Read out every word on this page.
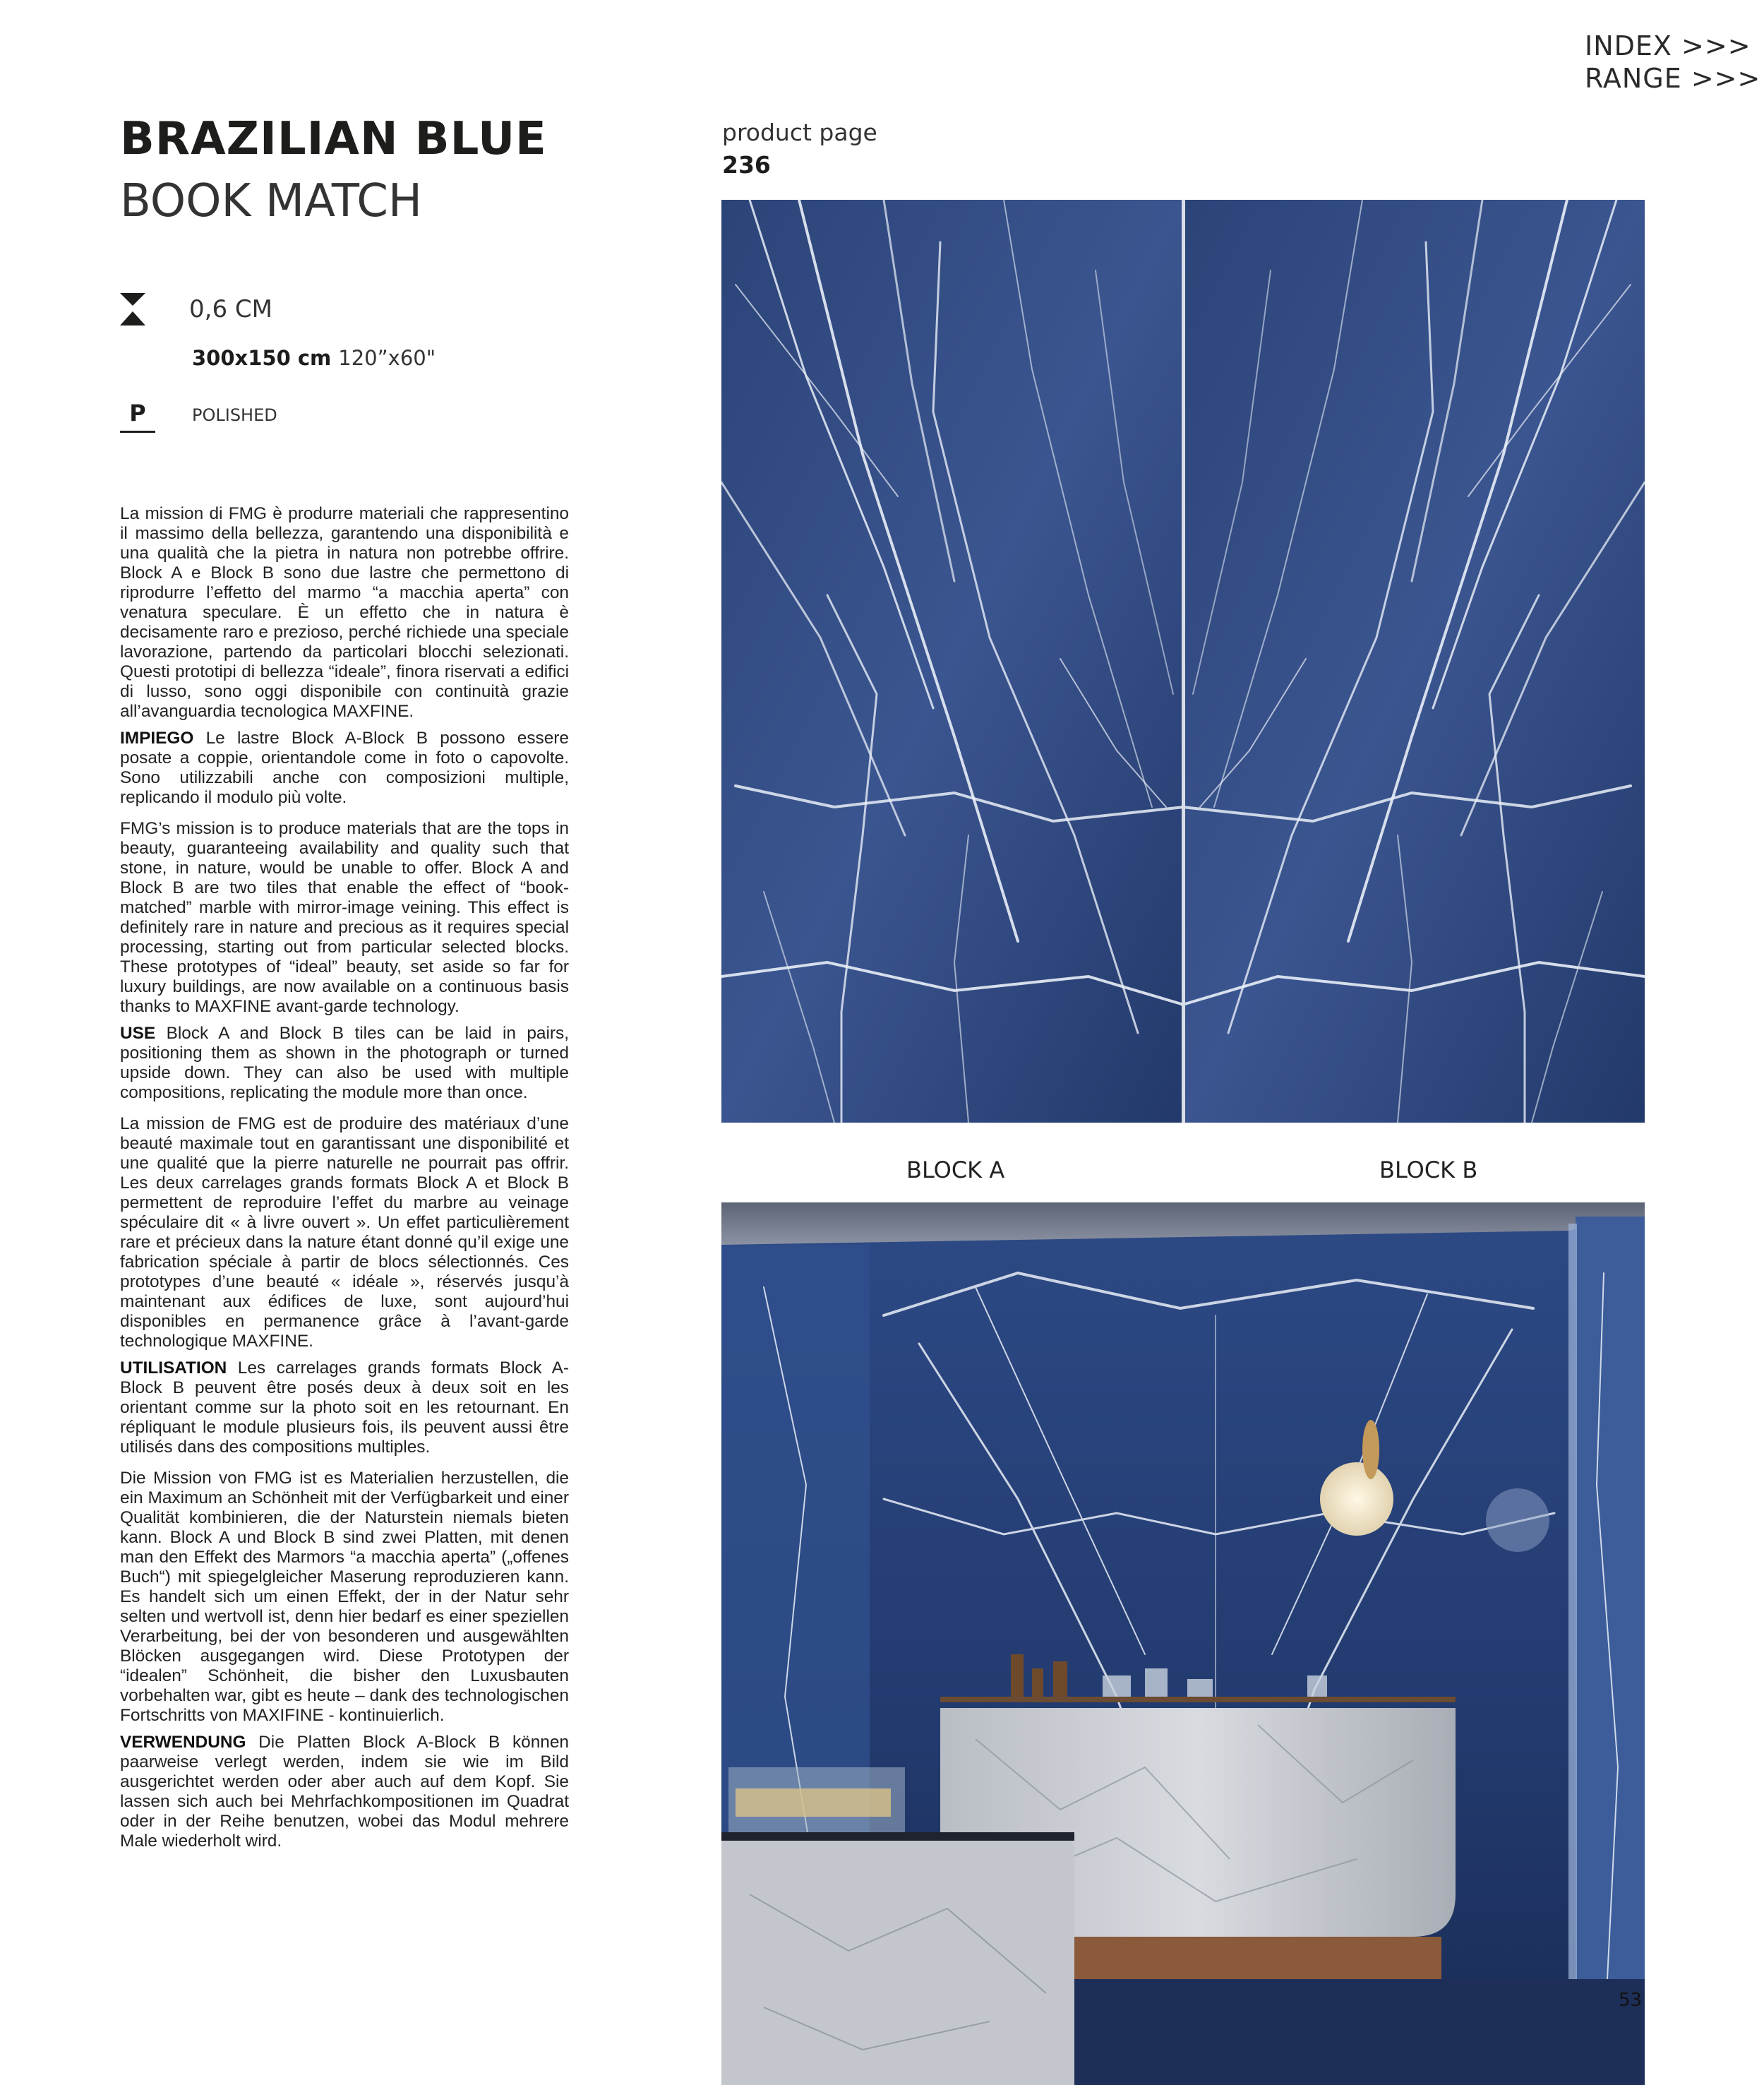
INDEX >>>
RANGE >>>
BRAZILIAN BLUE
BOOK MATCH
0,6 CM
300x150 cm 120”x60"
P	POLISHED

La mission di FMG è produrre materiali che rappresentino il massimo della bellezza, garantendo una disponibilità e una qualità che la pietra in natura non potrebbe offrire. Block A e Block B sono due lastre che permettono di riprodurre l’effetto del marmo “a macchia aperta” con venatura speculare. È un effetto che in natura è decisamente raro e prezioso, perché richiede una speciale lavorazione, partendo da particolari blocchi selezionati. Questi prototipi di bellezza “ideale”, finora riservati a edifici di lusso, sono oggi disponibile con continuità grazie all’avanguardia tecnologica MAXFINE.

IMPIEGO Le lastre Block A-Block B possono essere posate a coppie, orientandole come in foto o capovolte. Sono utilizzabili anche con composizioni multiple, replicando il modulo più volte.

FMG’s mission is to produce materials that are the tops in beauty, guaranteeing availability and quality such that stone, in nature, would be unable to offer. Block A and Block B are two tiles that enable the effect of “book-matched” marble with mirror-image veining. This effect is definitely rare in nature and precious as it requires special processing, starting out from particular selected blocks. These prototypes of “ideal” beauty, set aside so far for luxury buildings, are now available on a continuous basis thanks to MAXFINE avant-garde technology.

USE Block A and Block B tiles can be laid in pairs, positioning them as shown in the photograph or turned upside down. They can also be used with multiple compositions, replicating the module more than once.

La mission de FMG est de produire des matériaux d’une beauté maximale tout en garantissant une disponibilité et une qualité que la pierre naturelle ne pourrait pas offrir. Les deux carrelages grands formats Block A et Block B permettent de reproduire l’effet du marbre au veinage spéculaire dit « à livre ouvert ». Un effet particulièrement rare et précieux dans la nature étant donné qu’il exige une fabrication spéciale à partir de blocs sélectionnés. Ces prototypes d’une beauté « idéale », réservés jusqu’à maintenant aux édifices de luxe, sont aujourd’hui disponibles en permanence grâce à l’avant-garde technologique MAXFINE.

UTILISATION Les carrelages grands formats Block A-Block B peuvent être posés deux à deux soit en les orientant comme sur la photo soit en les retournant. En répliquant le module plusieurs fois, ils peuvent aussi être utilisés dans des compositions multiples.

Die Mission von FMG ist es Materialien herzustellen, die ein Maximum an Schönheit mit der Verfügbarkeit und einer Qualität kombinieren, die der Naturstein niemals bieten kann. Block A und Block B sind zwei Platten, mit denen man den Effekt des Marmors “a macchia aperta” („offenes Buch“) mit spiegelgleicher Maserung reproduzieren kann. Es handelt sich um einen Effekt, der in der Natur sehr selten und wertvoll ist, denn hier bedarf es einer speziellen Verarbeitung, bei der von besonderen und ausgewählten Blöcken ausgegangen wird. Diese Prototypen der “idealen” Schönheit, die bisher den Luxusbauten vorbehalten war, gibt es heute – dank des technologischen Fortschritts von MAXIFINE - kontinuierlich.

VERWENDUNG Die Platten Block A-Block B können paarweise verlegt werden, indem sie wie im Bild ausgerichtet werden oder aber auch auf dem Kopf. Sie lassen sich auch bei Mehrfachkompositionen im Quadrat oder in der Reihe benutzen, wobei das Modul mehrere Male wiederholt wird.

product page
236
BLOCK A	BLOCK B
53
